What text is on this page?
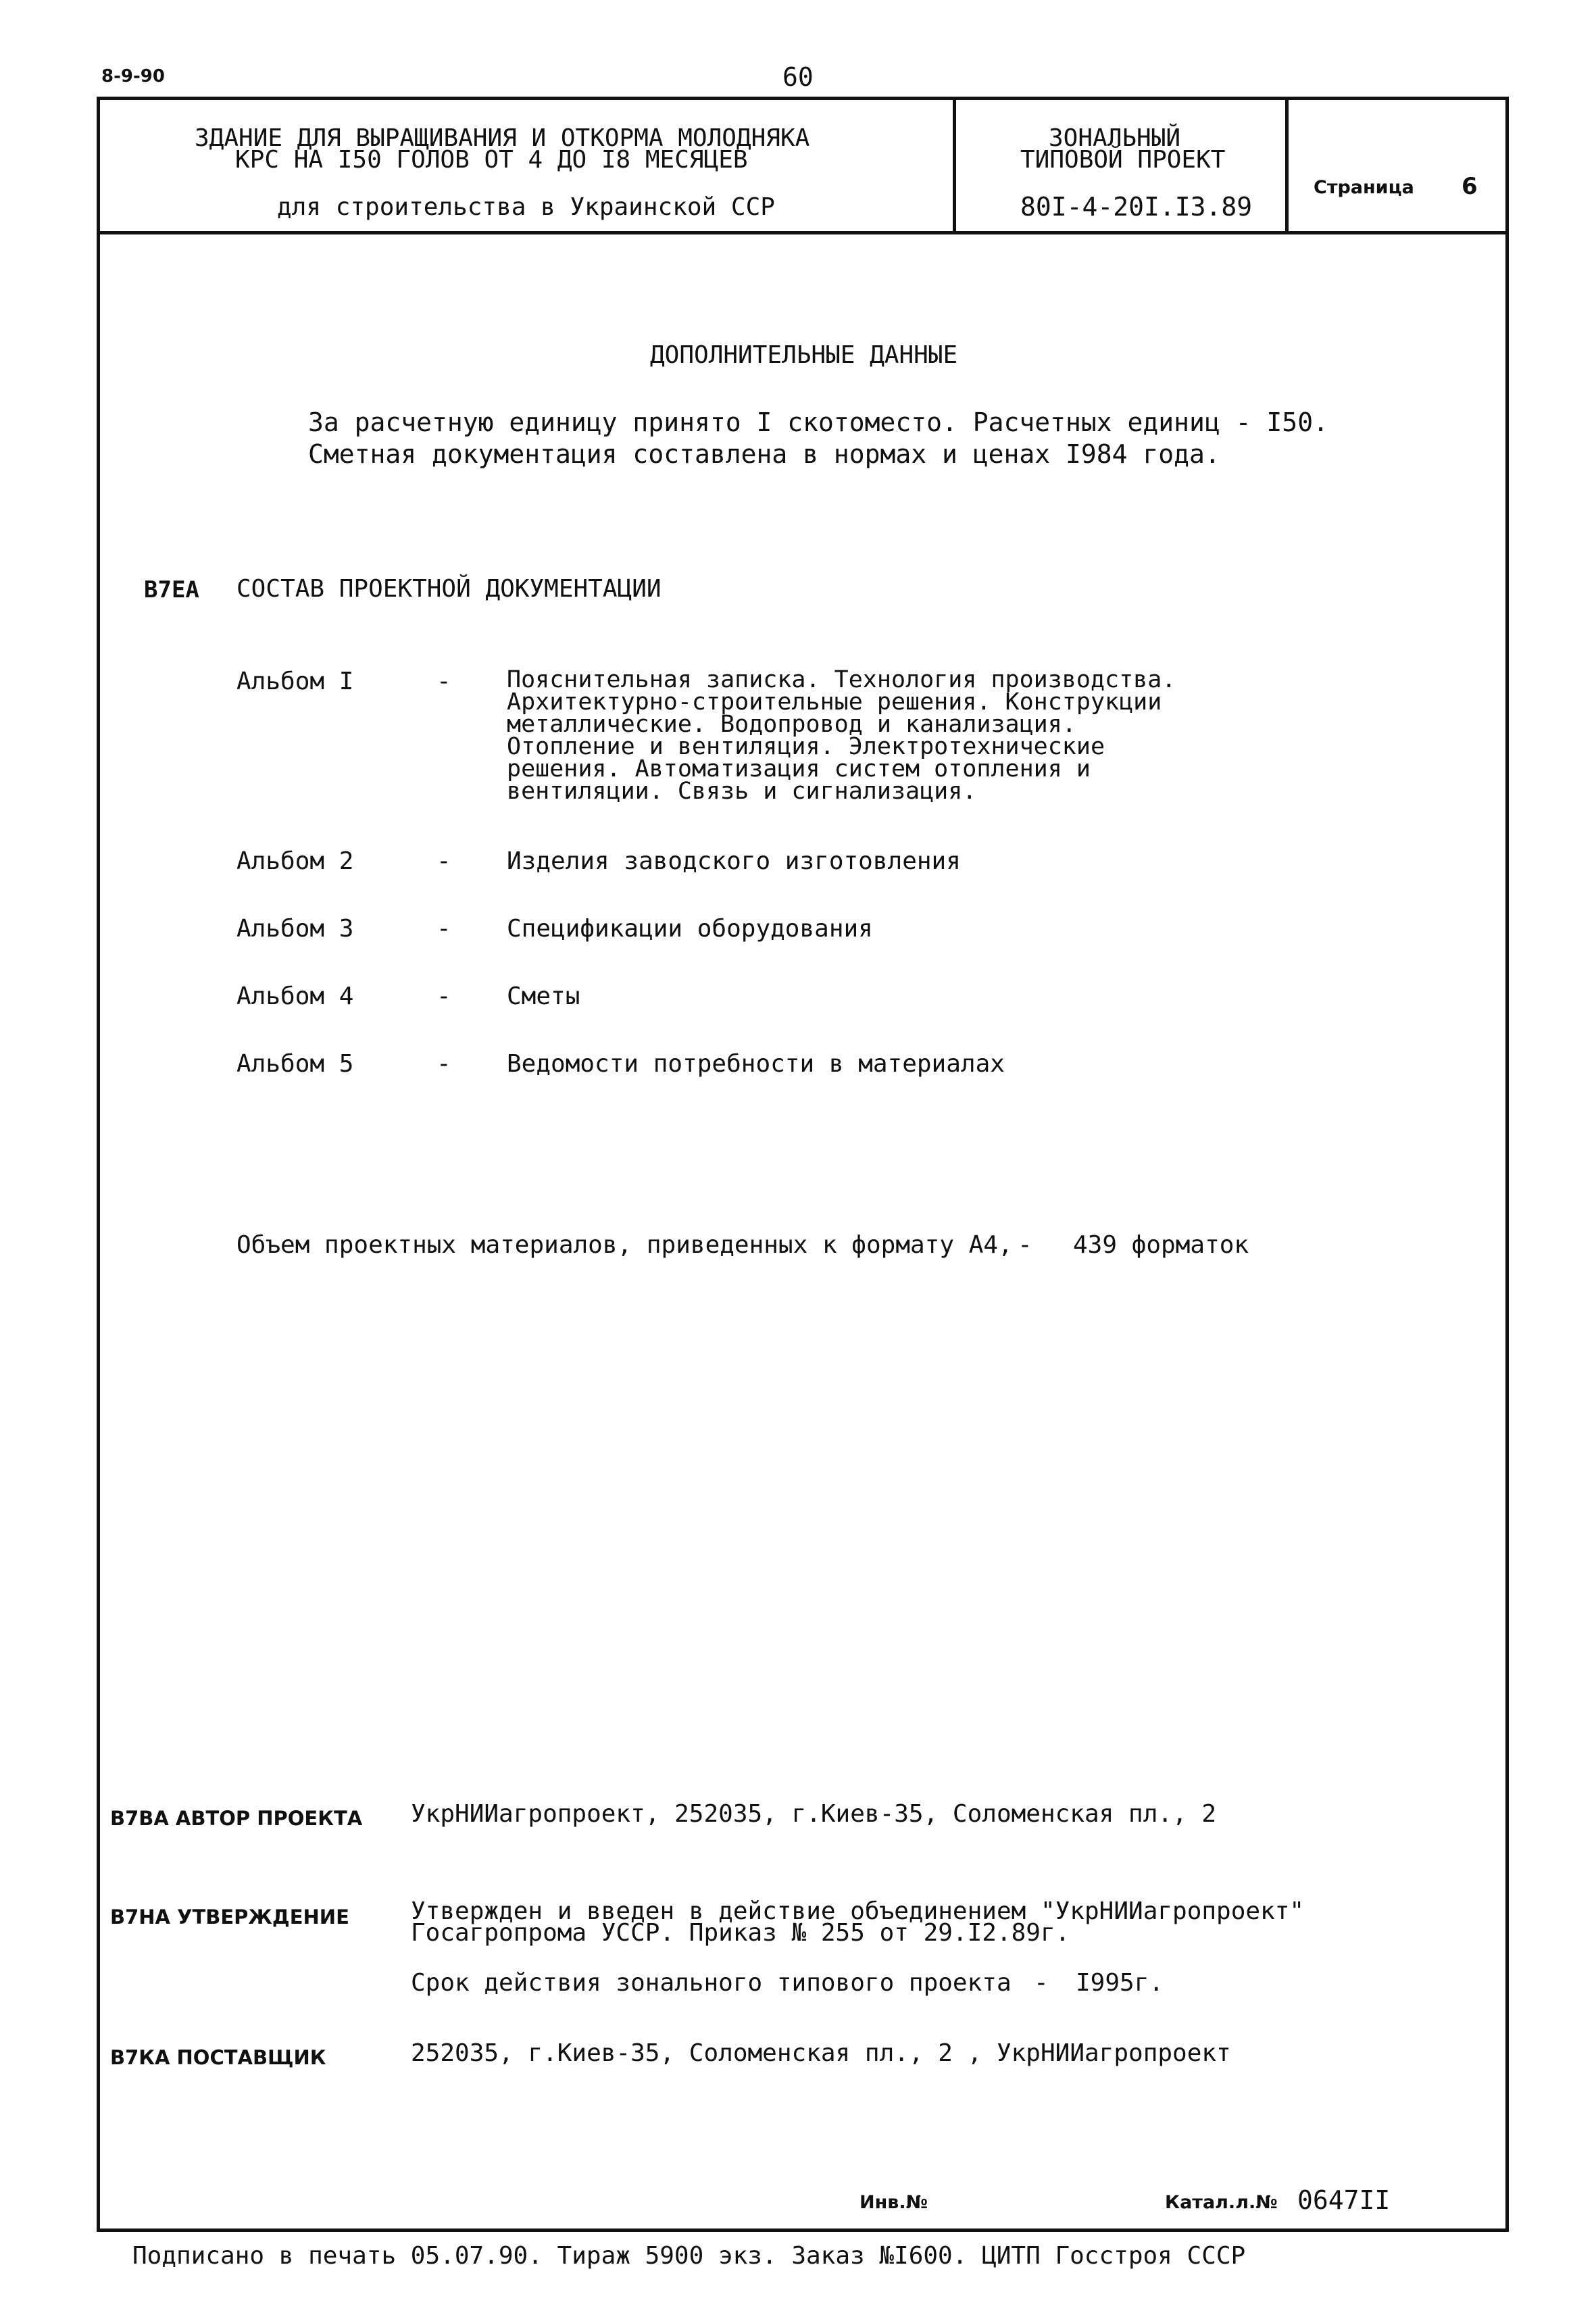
8-9-90	60
ЗДАНИЕ ДЛЯ ВЫРАЩИВАНИЯ И ОТКОРМА МОЛОДНЯКА
КРС НА I50 ГОЛОВ ОТ 4 ДО I8 МЕСЯЦЕВ
для строительства в Украинской ССР
ЗОНАЛЬНЫЙ
ТИПОВОЙ ПРОЕКТ
80I-4-20I.I3.89
Страница 6
ДОПОЛНИТЕЛЬНЫЕ ДАННЫЕ
За расчетную единицу принято I скотоместо. Расчетных единиц - I50.
Сметная документация составлена в нормах и ценах I984 года.
В7ЕА СОСТАВ ПРОЕКТНОЙ ДОКУМЕНТАЦИИ
Альбом I	- Пояснительная записка. Технология производства.
Архитектурно-строительные решения. Конструкции
металлические. Водопровод и канализация.
Отопление и вентиляция. Электротехнические
решения. Автоматизация систем отопления и
вентиляции. Связь и сигнализация.
Альбом 2	- Изделия заводского изготовления
Альбом 3	- Спецификации оборудования
Альбом 4	- Сметы
Альбом 5	- Ведомости потребности в материалах
Объем проектных материалов, приведенных к формату А4, - 439 форматок
В7ВА АВТОР ПРОЕКТА УкрНИИагропроект, 252035, г.Киев-35, Соломенская пл., 2
В7НА УТВЕРЖДЕНИЕ	Утвержден и введен в действие объединением "УкрНИИагропроект"
Госагропрома УССР. Приказ № 255 от 29.I2.89г.
Срок действия зонального типового проекта - I995г.
В7КА ПОСТАВЩИК	252035, г.Киев-35, Соломенская пл., 2 , УкрНИИагропроект
Инв.№	Катал.л.№ 0647II
Подписано в печать 05.07.90. Тираж 5900 экз. Заказ №I600. ЦИТП Госстроя СССР
